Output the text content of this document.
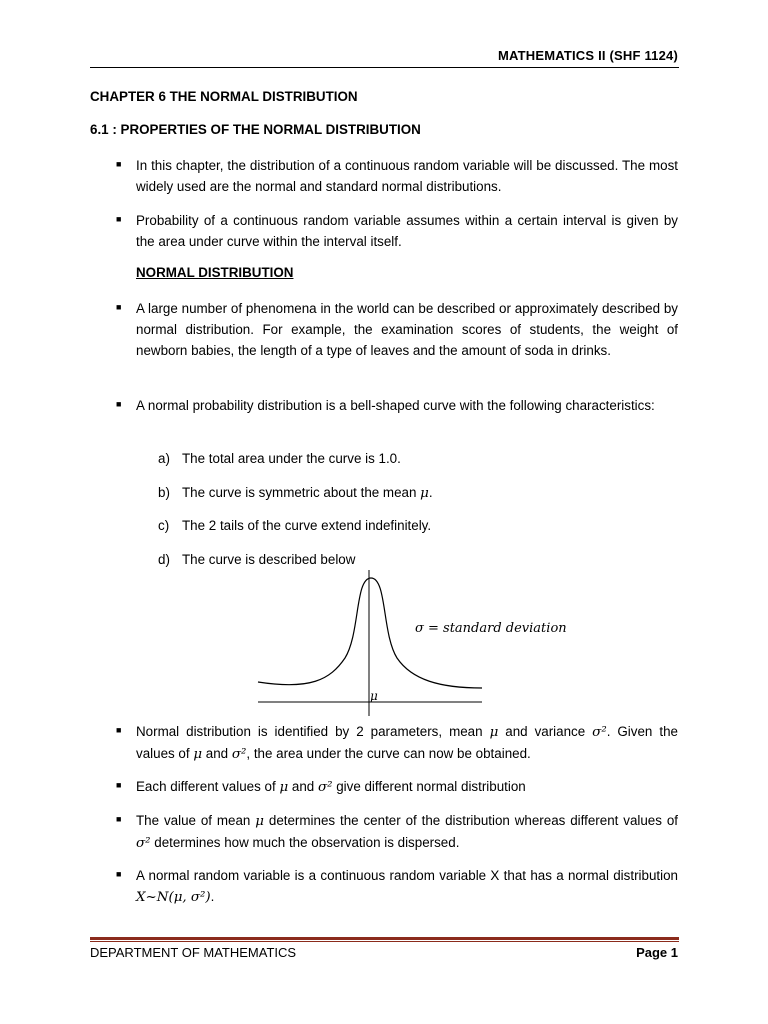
MATHEMATICS II (SHF 1124)
CHAPTER 6 THE NORMAL DISTRIBUTION
6.1 : PROPERTIES OF THE NORMAL DISTRIBUTION
■ In this chapter, the distribution of a continuous random variable will be discussed. The most widely used are the normal and standard normal distributions.
■ Probability of a continuous random variable assumes within a certain interval is given by the area under curve within the interval itself.
NORMAL DISTRIBUTION
■ A large number of phenomena in the world can be described or approximately described by normal distribution. For example, the examination scores of students, the weight of newborn babies, the length of a type of leaves and the amount of soda in drinks.
■ A normal probability distribution is a bell-shaped curve with the following characteristics:
a) The total area under the curve is 1.0.
b) The curve is symmetric about the mean μ.
c) The 2 tails of the curve extend indefinitely.
d) The curve is described below
σ = standard deviation
μ
■ Normal distribution is identified by 2 parameters, mean μ and variance σ². Given the values of μ and σ², the area under the curve can now be obtained.
■ Each different values of μ and σ² give different normal distribution
■ The value of mean μ determines the center of the distribution whereas different values of σ² determines how much the observation is dispersed.
■ A normal random variable is a continuous random variable X that has a normal distribution X~N(μ, σ²).
DEPARTMENT OF MATHEMATICS	Page 1
